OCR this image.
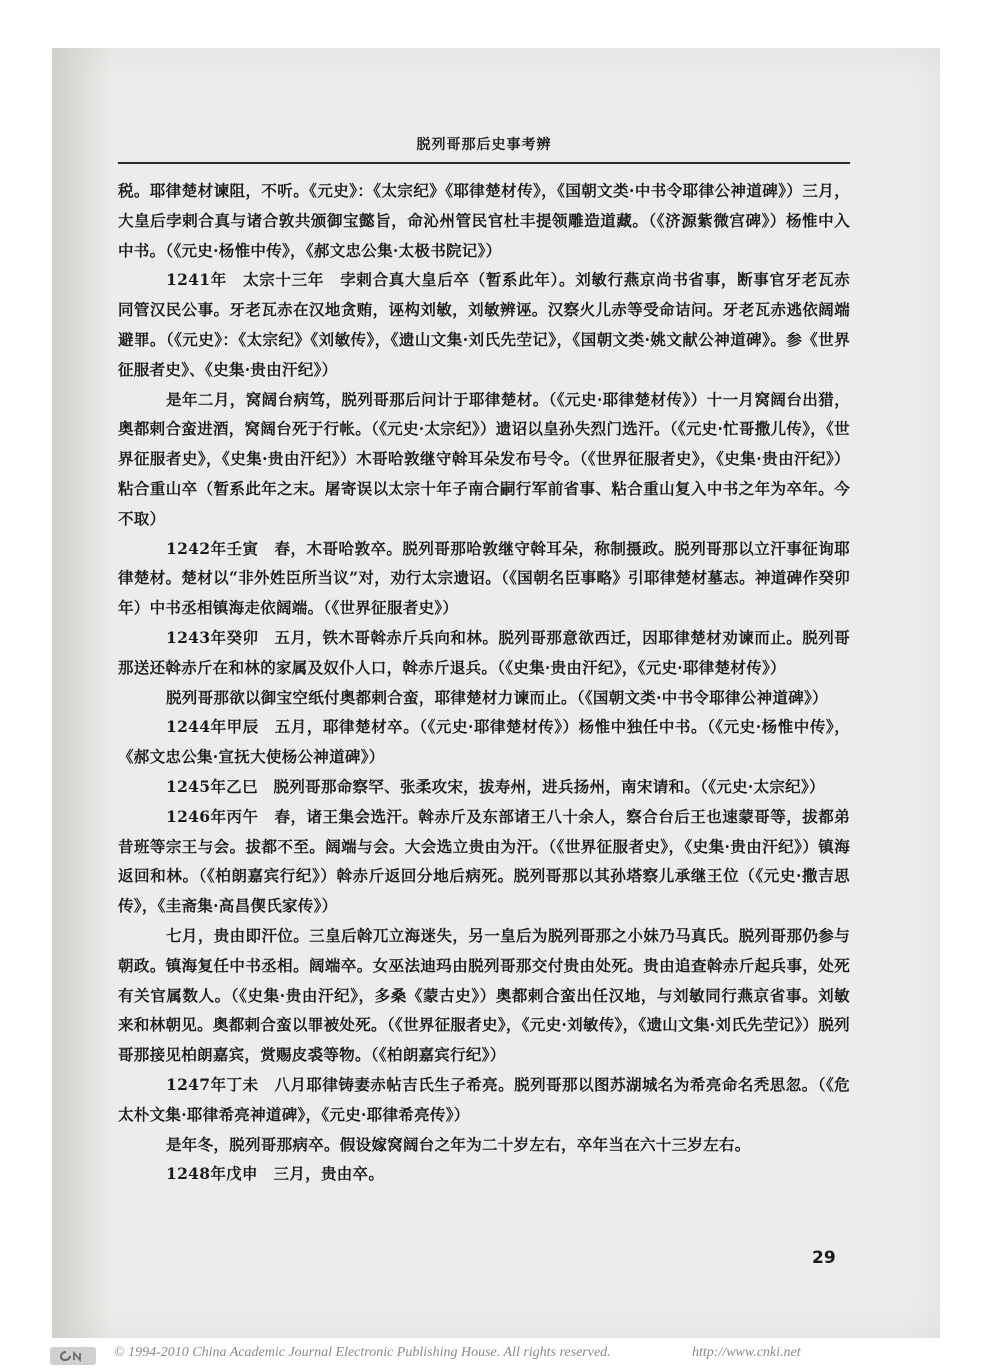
脱列哥那后史事考辨

税。耶律楚材谏阻，不听。《元史》：《太宗纪》《耶律楚材传》，《国朝文类·中书令耶律公神道碑》）三月，大皇后孛剌合真与诸合敦共颁御宝懿旨，命沁州管民官杜丰提领雕造道藏。（《济源紫微宫碑》）杨惟中入中书。（《元史·杨惟中传》，《郝文忠公集·太极书院记》）

1241年　太宗十三年　孛剌合真大皇后卒（暂系此年）。刘敏行燕京尚书省事，断事官牙老瓦赤同管汉民公事。牙老瓦赤在汉地贪贿，诬构刘敏，刘敏辨诬。汉察火儿赤等受命诘问。牙老瓦赤逃依阔端避罪。（《元史》：《太宗纪》《刘敏传》，《遗山文集·刘氏先茔记》，《国朝文类·姚文献公神道碑》。参《世界征服者史》、《史集·贵由汗纪》）

是年二月，窝阔台病笃，脱列哥那后问计于耶律楚材。（《元史·耶律楚材传》）十一月窝阔台出猎，奥都剌合蛮进酒，窝阔台死于行帐。（《元史·太宗纪》）遗诏以皇孙失烈门选汗。（《元史·忙哥撒儿传》，《世界征服者史》，《史集·贵由汗纪》）木哥哈敦继守斡耳朵发布号令。（《世界征服者史》，《史集·贵由汗纪》）粘合重山卒（暂系此年之末。屠寄误以太宗十年子南合嗣行军前省事、粘合重山复入中书之年为卒年。今不取）

1242年壬寅　春，木哥哈敦卒。脱列哥那哈敦继守斡耳朵，称制摄政。脱列哥那以立汗事征询耶律楚材。楚材以“非外姓臣所当议”对，劝行太宗遗诏。（《国朝名臣事略》引耶律楚材墓志。神道碑作癸卯年）中书丞相镇海走依阔端。（《世界征服者史》）

1243年癸卯　五月，铁木哥斡赤斤兵向和林。脱列哥那意欲西迁，因耶律楚材劝谏而止。脱列哥那送还斡赤斤在和林的家属及奴仆人口，斡赤斤退兵。（《史集·贵由汗纪》，《元史·耶律楚材传》）

脱列哥那欲以御宝空纸付奥都剌合蛮，耶律楚材力谏而止。（《国朝文类·中书令耶律公神道碑》）

1244年甲辰　五月，耶律楚材卒。（《元史·耶律楚材传》）杨惟中独任中书。（《元史·杨惟中传》，《郝文忠公集·宣抚大使杨公神道碑》）

1245年乙巳　脱列哥那命察罕、张柔攻宋，拔寿州，进兵扬州，南宋请和。（《元史·太宗纪》）

1246年丙午　春，诸王集会选汗。斡赤斤及东部诸王八十余人，察合台后王也速蒙哥等，拔都弟昔班等宗王与会。拔都不至。阔端与会。大会选立贵由为汗。（《世界征服者史》，《史集·贵由汗纪》）镇海返回和林。（《柏朗嘉宾行纪》）斡赤斤返回分地后病死。脱列哥那以其孙塔察儿承继王位（《元史·撒吉思传》，《圭斋集·高昌偰氏家传》）

七月，贵由即汗位。三皇后斡兀立海迷失，另一皇后为脱列哥那之小妹乃马真氏。脱列哥那仍参与朝政。镇海复任中书丞相。阔端卒。女巫法迪玛由脱列哥那交付贵由处死。贵由追查斡赤斤起兵事，处死有关官属数人。（《史集·贵由汗纪》，多桑《蒙古史》）奥都剌合蛮出任汉地，与刘敏同行燕京省事。刘敏来和林朝见。奥都剌合蛮以罪被处死。（《世界征服者史》，《元史·刘敏传》，《遗山文集·刘氏先茔记》）脱列哥那接见柏朗嘉宾，赏赐皮裘等物。（《柏朗嘉宾行纪》）

1247年丁未　八月耶律铸妻赤帖吉氏生子希亮。脱列哥那以图苏湖城名为希亮命名秃思忽。（《危太朴文集·耶律希亮神道碑》，《元史·耶律希亮传》）

是年冬，脱列哥那病卒。假设嫁窝阔台之年为二十岁左右，卒年当在六十三岁左右。

1248年戊申　三月，贵由卒。

29
© 1994-2010 China Academic Journal Electronic Publishing House. All rights reserved.	http://www.cnki.net
